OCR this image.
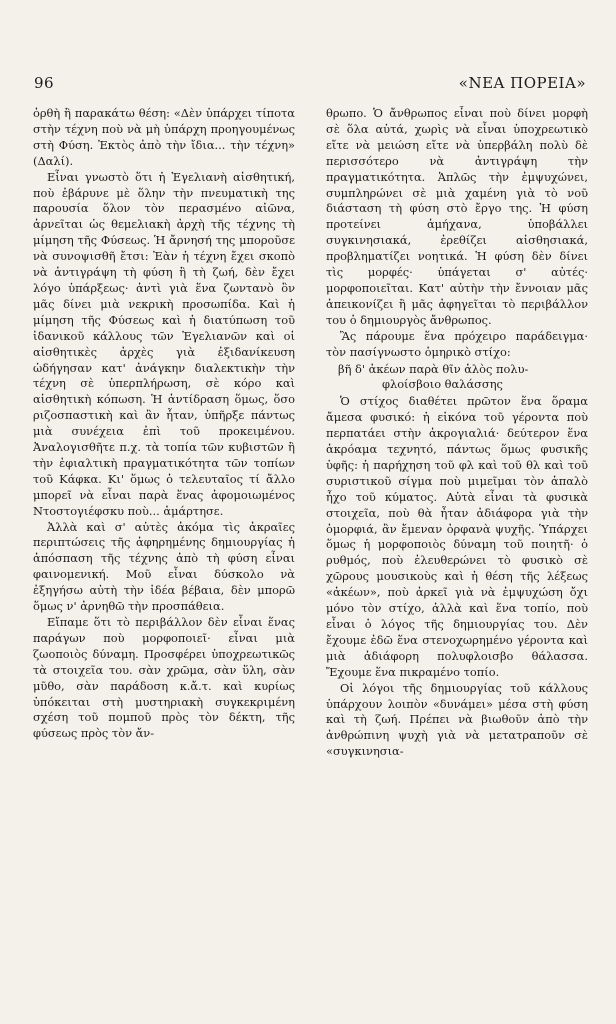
96	«ΝΕΑ ΠΟΡΕΙΑ»

ὀρθὴ ἢ παρακάτω θέση: «Δὲν ὑπάρχει τίποτα στὴν τέχνη ποὺ νὰ μὴ ὑπάρχη προηγουμένως στὴ Φύση. Ἐκτὸς ἀπὸ τὴν ἴδια... τὴν τέχνη» (Δαλί).

Εἶναι γνωστὸ ὅτι ἡ Ἑγελιανὴ αἰσθητική, ποὺ ἐβάρυνε μὲ ὅλην τὴν πνευματικὴ της παρουσία ὅλον τὸν περασμένο αἰῶνα, ἀρνεῖται ὡς θεμελιακὴ ἀρχὴ τῆς τέχνης τὴ μίμηση τῆς Φύσεως. Ἡ ἄρνησή της μποροῦσε νὰ συνοψισθῆ ἔτσι: Ἐὰν ἡ τέχνη ἔχει σκοπὸ νὰ ἀντιγράψη τὴ φύση ἢ τὴ ζωή, δὲν ἔχει λόγο ὑπάρξεως· ἀντὶ γιὰ ἕνα ζωντανὸ ὂν μᾶς δίνει μιὰ νεκρικὴ προσωπίδα. Καὶ ἡ μίμηση τῆς Φύσεως καὶ ἡ διατύπωση τοῦ ἰδανικοῦ κάλλους τῶν Ἑγελιανῶν καὶ οἱ αἰσθητικὲς ἀρχὲς γιὰ ἐξιδανίκευση ὡδήγησαν κατ' ἀνάγκην διαλεκτικὴν τὴν τέχνη σὲ ὑπερπλήρωση, σὲ κόρο καὶ αἰσθητικὴ κόπωση. Ἡ ἀντίδραση ὅμως, ὅσο ριζοσπαστικὴ καὶ ἂν ἦταν, ὑπῆρξε πάντως μιὰ συνέχεια ἐπὶ τοῦ προκειμένου. Ἀναλογισθῆτε π.χ. τὰ τοπία τῶν κυβιστῶν ἢ τὴν ἐφιαλτικὴ πραγματικότητα τῶν τοπίων τοῦ Κάφκα. Κι' ὅμως ὁ τελευταῖος τί ἄλλο μπορεῖ νὰ εἶναι παρὰ ἕνας ἀφομοιωμένος Ντοστογιέφσκυ ποὺ... ἀμάρτησε.

Ἀλλὰ καὶ σ' αὐτὲς ἀκόμα τὶς ἀκραῖες περιπτώσεις τῆς ἀφηρημένης δημιουργίας ἡ ἀπόσπαση τῆς τέχνης ἀπὸ τὴ φύση εἶναι φαινομενική. Μοῦ εἶναι δύσκολο νὰ ἐξηγήσω αὐτὴ τὴν ἰδέα βέβαια, δὲν μπορῶ ὅμως ν' ἀρνηθῶ τὴν προσπάθεια.

Εἴπαμε ὅτι τὸ περιβάλλον δὲν εἶναι ἕνας παράγων ποὺ μορφοποιεῖ· εἶναι μιὰ ζωοποιὸς δύναμη. Προσφέρει ὑποχρεωτικῶς τὰ στοιχεῖα του. σὰν χρῶμα, σὰν ὕλη, σὰν μῦθο, σὰν παράδοση κ.ἄ.τ. καὶ κυρίως ὑπόκειται στὴ μυστηριακὴ συγκεκριμένη σχέση τοῦ πομποῦ πρὸς τὸν δέκτη, τῆς φύσεως πρὸς τὸν ἄν-

θρωπο. Ὁ ἄνθρωπος εἶναι ποὺ δίνει μορφὴ σὲ ὅλα αὐτά, χωρὶς νὰ εἶναι ὑποχρεωτικὸ εἴτε νὰ μειώση εἴτε νὰ ὑπερβάλη πολὺ δὲ περισσότερο νὰ ἀντιγράψη τὴν πραγματικότητα. Ἁπλῶς τὴν ἐμψυχώνει, συμπληρώνει σὲ μιὰ χαμένη γιὰ τὸ νοῦ διάσταση τὴ φύση στὸ ἔργο της. Ἡ φύση προτείνει ἀμήχανα, ὑποβάλλει συγκινησιακά, ἐρεθίζει αἰσθησιακά, προβληματίζει νοητικά. Ἡ φύση δὲν δίνει τὶς μορφές· ὑπάγεται σ' αὐτές· μορφοποιεῖται. Κατ' αὐτὴν τὴν ἔννοιαν μᾶς ἀπεικονίζει ἢ μᾶς ἀφηγεῖται τὸ περιβάλλον του ὁ δημιουργὸς ἄνθρωπος.

Ἂς πάρουμε ἕνα πρόχειρο παράδειγμα· τὸν πασίγνωστο ὁμηρικὸ στίχο:

βῆ δ' ἀκέων παρὰ θῖν ἁλὸς πολυ-
φλοίσβοιο θαλάσσης

Ὁ στίχος διαθέτει πρῶτον ἕνα ὅραμα ἄμεσα φυσικό: ἡ εἰκόνα τοῦ γέροντα ποὺ περπατάει στὴν ἀκρογιαλιά· δεύτερον ἕνα ἀκρόαμα τεχνητό, πάντως ὅμως φυσικῆς ὑφῆς: ἡ παρήχηση τοῦ φλ καὶ τοῦ θλ καὶ τοῦ συριστικοῦ σίγμα ποὺ μιμεῖμαι τὸν ἁπαλὸ ἦχο τοῦ κύματος. Αὐτὰ εἶναι τὰ φυσικὰ στοιχεῖα, ποὺ θὰ ἦταν ἀδιάφορα γιὰ τὴν ὁμορφιά, ἂν ἔμεναν ὀρφανὰ ψυχῆς. Ὑπάρχει ὅμως ἡ μορφοποιὸς δύναμη τοῦ ποιητῆ· ὁ ρυθμός, ποὺ ἐλευθερώνει τὸ φυσικὸ σὲ χῶρους μουσικοὺς καὶ ἡ θέση τῆς λέξεως «ἀκέων», ποὺ ἀρκεῖ γιὰ νὰ ἐμψυχώση ὄχι μόνο τὸν στίχο, ἀλλὰ καὶ ἕνα τοπίο, ποὺ εἶναι ὁ λόγος τῆς δημιουργίας του. Δὲν ἔχουμε ἐδῶ ἕνα στενοχωρημένο γέροντα καὶ μιὰ ἀδιάφορη πολυφλοισβο θάλασσα. Ἔχουμε ἕνα πικραμένο τοπίο.

Οἱ λόγοι τῆς δημιουργίας τοῦ κάλλους ὑπάρχουν λοιπὸν «δυνάμει» μέσα στὴ φύση καὶ τὴ ζωή. Πρέπει νὰ βιωθοῦν ἀπὸ τὴν ἀνθρώπινη ψυχὴ γιὰ νὰ μετατραποῦν σὲ «συγκινησια-
